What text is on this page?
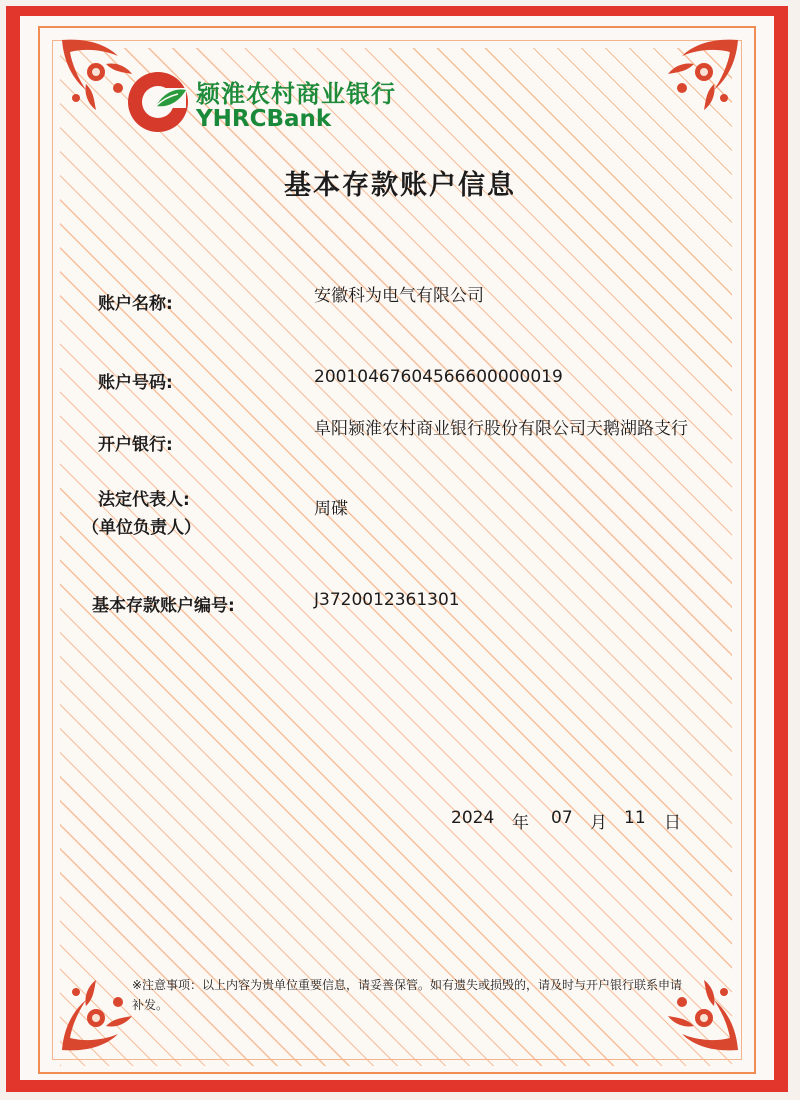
颍淮农村商业银行
YHRCBank
基本存款账户信息
账户名称:	安徽科为电气有限公司
账户号码:	20010467604566600000019
开户银行:
阜阳颍淮农村商业银行股份有限公司天鹅湖路支行
法定代表人:
（单位负责人）
周碟
基本存款账户编号:	J3720012361301
2024 年 07 月 11 日
※注意事项：以上内容为贵单位重要信息，请妥善保管。如有遗失或损毁的，请及时与开户银行联系申请补发。
